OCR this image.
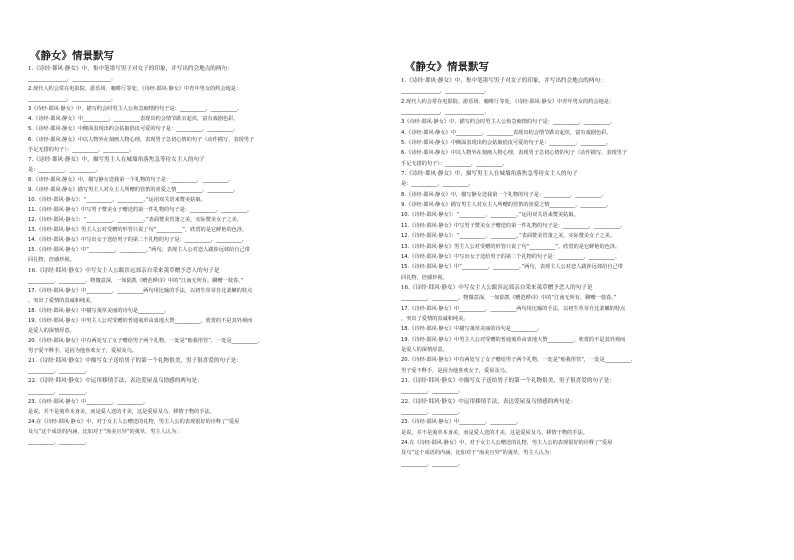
《静女》情景默写

1.《诗经·邶风·静女》中，集中笔墨写男子对女子的印象，并写出约会地点的两句：

_______________，_______________。

2.现代人约会常在电影院、游乐场、咖啡厅等处，《诗经·邶风·静女》中青年男女的约会地是：

_______________，_______________。

3《诗经·邶风·静女》中，描写约会时男主人公焦急痴情的句子是：__________，__________。

4.《诗经·邶风·静女》中__________，__________表现出约会情节跌宕起伏，富有戏剧色彩。

5.《诗经·邶风·静女》中侧面表现出约会姑娘俏皮可爱的句子是：__________，__________。

6.《诗经·邶风·静女》中以人物外在刻画人物心理，表现男子急切心情的句子（动作描写，表现男子

手足无措的句子）：__________，__________。

7.《诗经·邶风·静女》中，描写男主人在城墙角落焦急等待女主人的句子

是：__________，__________。

8.《诗经·邶风·静女》中，描写静女送我第一个礼物的句子是：__________，__________。

9.《诗经·邶风·静女》描写男主人对女主人所赠的管笛的喜爱之情__________，__________。

10.《诗经·邶风·静女》：“__________，__________。”运用双关语来赞美姑娘。

11.《诗经·邶风·静女》中写男子赞美女子赠送的第一件礼物的句子是：__________，__________。

12.《诗经·邶风·静女》：“__________，__________。”表面赞美管箫之美，实际赞美女子之美。

13.《诗经·邶风·静女》男主人公对受赠的形管只说了句“__________”，欣赏的是它鲜艳的色泽。

14.《诗经·邶风·静女》中写出女子送给男子的第二个礼物的句子是：__________，__________。

15.《诗经·邶风·静女》中“__________，__________。”两句，表现主人公对恋人跋涉远郊给自己带

回礼物，倍感珍视。

16.《诗经·邶风·静女》中写女主人公跋涉远郊亲自采来荑草赠予恋人的句子是

__________，__________。物微意深，一如陆凯《赠范晔诗》中的“江南无所有，聊赠一枝春。”

17.《诗经·邶风·静女》中__________，__________两句用比喻的手法，以初生草芽自比柔嫩的特点

，突出了爱情的真诚和纯美。

18.《诗经·邶风·静女》中描写荑草美丽的诗句是__________。

19.《诗经·邶风·静女》中男主人公对受赠的普通荑草由衷地大赞__________，欣赏的不是其外观而

是爱人的深情厚意。

20.《诗经·邶风·静女》中有两处写了女子赠给男子两个礼物，一处是“贻我彤管”，一处是__________，

男子爱不释手，是因为他喜欢女子，爱屋及乌。

21.《诗经·邶风·静女》中描写女子送给男子的第一个礼物很美，男子很喜爱的句子是：

__________，__________。

22.《诗经·邶风·静女》中运用移情手法，表达爱屋及乌情感的两句是：

__________，__________。

23.《诗经·邶风·静女》中__________，__________。

是说，并不是荑草本身美，而是爱人送的才美，这是爱屋及乌、移情于物的手法。

24.在《诗经·邶风·静女》中，对于女主人公赠送的礼物，男主人公的表现很好的诠释了“爱屋

及乌”这个成语的内涵，比如对于“洵美且异”的荑草，男主人认为：

__________，__________。

《静女》情景默写

1.《诗经·邶风·静女》中，集中笔墨写男子对女子的印象，并写出约会地点的两句：

_______________，_______________。

2.现代人约会常在电影院、游乐场、咖啡厅等处，《诗经·邶风·静女》中青年男女的约会地是：

_______________，_______________。

3《诗经·邶风·静女》中，描写约会时男主人公焦急痴情的句子是：__________，__________。

4.《诗经·邶风·静女》中__________，__________表现出约会情节跌宕起伏，富有戏剧色彩。

5.《诗经·邶风·静女》中侧面表现出约会姑娘俏皮可爱的句子是：__________，__________。

6.《诗经·邶风·静女》中以人物外在刻画人物心理，表现男子急切心情的句子（动作描写，表现男子

手足无措的句子）：__________，__________。

7.《诗经·邶风·静女》中，描写男主人在城墙角落焦急等待女主人的句子

是：__________，__________。

8.《诗经·邶风·静女》中，描写静女送我第一个礼物的句子是：__________，__________。

9.《诗经·邶风·静女》描写男主人对女主人所赠的管笛的喜爱之情__________，__________。

10.《诗经·邶风·静女》：“__________，__________。”运用双关语来赞美姑娘。

11.《诗经·邶风·静女》中写男子赞美女子赠送的第一件礼物的句子是：__________，__________。

12.《诗经·邶风·静女》：“__________，__________。”表面赞美管箫之美，实际赞美女子之美。

13.《诗经·邶风·静女》男主人公对受赠的形管只说了句“__________”，欣赏的是它鲜艳的色泽。

14.《诗经·邶风·静女》中写出女子送给男子的第二个礼物的句子是：__________，__________。

15.《诗经·邶风·静女》中“__________，__________。”两句，表现主人公对恋人跋涉远郊给自己带

回礼物，倍感珍视。

16.《诗经·邶风·静女》中写女主人公跋涉远郊亲自采来荑草赠予恋人的句子是

__________，__________。物微意深，一如陆凯《赠范晔诗》中的“江南无所有，聊赠一枝春。”

17.《诗经·邶风·静女》中__________，__________两句用比喻的手法，以初生草芽自比柔嫩的特点

，突出了爱情的真诚和纯美。

18.《诗经·邶风·静女》中描写荑草美丽的诗句是__________。

19.《诗经·邶风·静女》中男主人公对受赠的普通荑草由衷地大赞__________，欣赏的不是其外观而

是爱人的深情厚意。

20.《诗经·邶风·静女》中有两处写了女子赠给男子两个礼物，一处是“贻我彤管”，一处是__________，

男子爱不释手，是因为他喜欢女子，爱屋及乌。

21.《诗经·邶风·静女》中描写女子送给男子的第一个礼物很美，男子很喜爱的句子是：

__________，__________。

22.《诗经·邶风·静女》中运用移情手法，表达爱屋及乌情感的两句是：

__________，__________。

23.《诗经·邶风·静女》中__________，__________。

是说，并不是荑草本身美，而是爱人送的才美，这是爱屋及乌、移情于物的手法。

24.在《诗经·邶风·静女》中，对于女主人公赠送的礼物，男主人公的表现很好的诠释了“爱屋

及乌”这个成语的内涵，比如对于“洵美且异”的荑草，男主人认为：

__________，__________。
